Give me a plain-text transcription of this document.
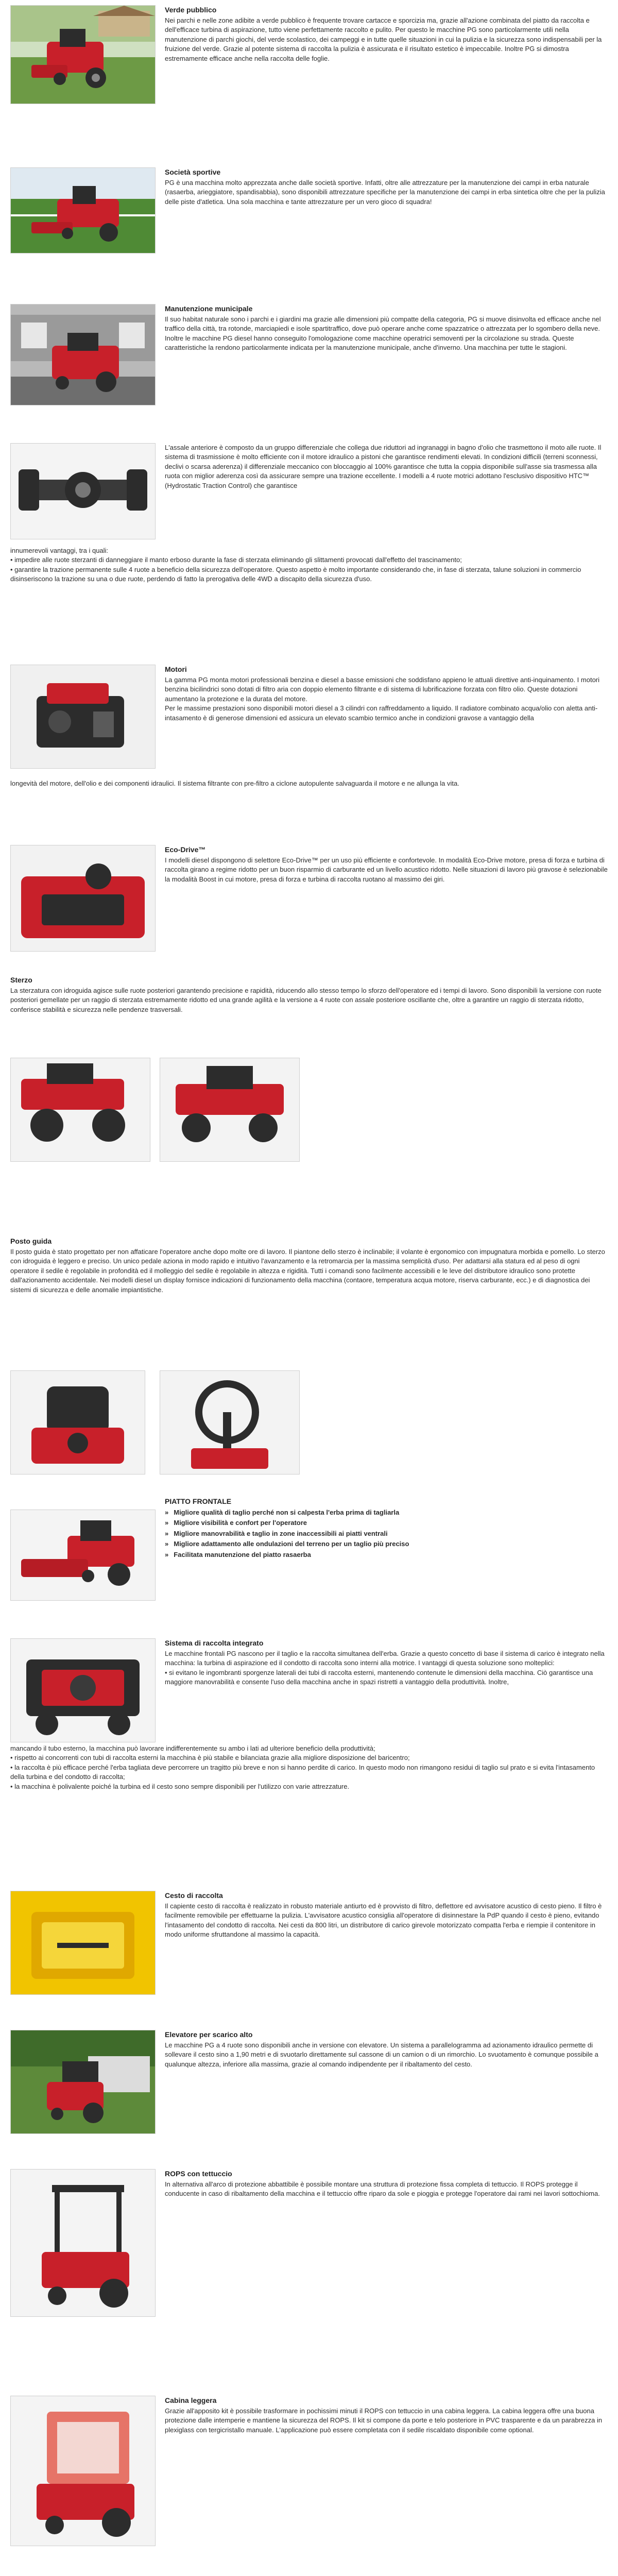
Verde pubblico

Nei parchi e nelle zone adibite a verde pubblico è frequente trovare cartacce e sporcizia ma, grazie all'azione combinata del piatto da raccolta e dell'efficace turbina di aspirazione, tutto viene perfettamente raccolto e pulito. Per questo le macchine PG sono particolarmente utili nella manutenzione di parchi giochi, del verde scolastico, dei campeggi e in tutte quelle situazioni in cui la pulizia e la sicurezza sono indispensabili per la fruizione del verde. Grazie al potente sistema di raccolta la pulizia è assicurata e il risultato estetico è impeccabile. Inoltre PG si dimostra estremamente efficace anche nella raccolta delle foglie.

Società sportive

PG è una macchina molto apprezzata anche dalle società sportive. Infatti, oltre alle attrezzature per la manutenzione dei campi in erba naturale (rasaerba, arieggiatore, spandisabbia), sono disponibili attrezzature specifiche per la manutenzione dei campi in erba sintetica oltre che per la pulizia delle piste d'atletica. Una sola macchina e tante attrezzature per un vero gioco di squadra!

Manutenzione municipale

Il suo habitat naturale sono i parchi e i giardini ma grazie alle dimensioni più compatte della categoria, PG si muove disinvolta ed efficace anche nel traffico della città, tra rotonde, marciapiedi e isole spartitraffico, dove può operare anche come spazzatrice o attrezzata per lo sgombero della neve. Inoltre le macchine PG diesel hanno conseguito l'omologazione come macchine operatrici semoventi per la circolazione su strada. Queste caratteristiche la rendono particolarmente indicata per la manutenzione municipale, anche d'inverno. Una macchina per tutte le stagioni.

L'assale anteriore è composto da un gruppo differenziale che collega due riduttori ad ingranaggi in bagno d'olio che trasmettono il moto alle ruote. Il sistema di trasmissione è molto efficiente con il motore idraulico a pistoni che garantisce rendimenti elevati. In condizioni difficili (terreni sconnessi, declivi o scarsa aderenza) il differenziale meccanico con bloccaggio al 100% garantisce che tutta la coppia disponibile sull'asse sia trasmessa alla ruota con miglior aderenza così da assicurare sempre una trazione eccellente. I modelli a 4 ruote motrici adottano l'esclusivo dispositivo HTC™ (Hydrostatic Traction Control) che garantisce

innumerevoli vantaggi, tra i quali:
• impedire alle ruote sterzanti di danneggiare il manto erboso durante la fase di sterzata eliminando gli slittamenti provocati dall'effetto del trascinamento;
• garantire la trazione permanente sulle 4 ruote a beneficio della sicurezza dell'operatore. Questo aspetto è molto importante considerando che, in fase di sterzata, talune soluzioni in commercio disinseriscono la trazione su una o due ruote, perdendo di fatto la prerogativa delle 4WD a discapito della sicurezza d'uso.
Motori

La gamma PG monta motori professionali benzina e diesel a basse emissioni che soddisfano appieno le attuali direttive anti-inquinamento. I motori benzina bicilindrici sono dotati di filtro aria con doppio elemento filtrante e di sistema di lubrificazione forzata con filtro olio. Queste dotazioni aumentano la protezione e la durata del motore.
Per le massime prestazioni sono disponibili motori diesel a 3 cilindri con raffreddamento a liquido. Il radiatore combinato acqua/olio con aletta anti-intasamento è di generose dimensioni ed assicura un elevato scambio termico anche in condizioni gravose a vantaggio della

longevità del motore, dell'olio e dei componenti idraulici. Il sistema filtrante con pre-filtro a ciclone autopulente salvaguarda il motore e ne allunga la vita.
Eco-Drive™

I modelli diesel dispongono di selettore Eco-Drive™ per un uso più efficiente e confortevole. In modalità Eco-Drive motore, presa di forza e turbina di raccolta girano a regime ridotto per un buon risparmio di carburante ed un livello acustico ridotto. Nelle situazioni di lavoro più gravose è selezionabile la modalità Boost in cui motore, presa di forza e turbina di raccolta ruotano al massimo dei giri.

Sterzo

La sterzatura con idroguida agisce sulle ruote posteriori garantendo precisione e rapidità, riducendo allo stesso tempo lo sforzo dell'operatore ed i tempi di lavoro. Sono disponibili la versione con ruote posteriori gemellate per un raggio di sterzata estremamente ridotto ed una grande agilità e la versione a 4 ruote con assale posteriore oscillante che, oltre a garantire un raggio di sterzata ridotto, conferisce stabilità e sicurezza nelle pendenze trasversali.

Posto guida

Il posto guida è stato progettato per non affaticare l'operatore anche dopo molte ore di lavoro. Il piantone dello sterzo è inclinabile; il volante è ergonomico con impugnatura morbida e pomello. Lo sterzo con idroguida è leggero e preciso. Un unico pedale aziona in modo rapido e intuitivo l'avanzamento e la retromarcia per la massima semplicità d'uso. Per adattarsi alla statura ed al peso di ogni operatore il sedile è regolabile in profondità ed il molleggio del sedile è regolabile in altezza e rigidità. Tutti i comandi sono facilmente accessibili e le leve del distributore idraulico sono protette dall'azionamento accidentale. Nei modelli diesel un display fornisce indicazioni di funzionamento della macchina (contaore, temperatura acqua motore, riserva carburante, ecc.) e di diagnostica dei sistemi di sicurezza e delle anomalie impiantistiche.

PIATTO FRONTALE
» Migliore qualità di taglio perché non si calpesta l'erba prima di tagliarla
» Migliore visibilità e confort per l'operatore
» Migliore manovrabilità e taglio in zone inaccessibili ai piatti ventrali
» Migliore adattamento alle ondulazioni del terreno per un taglio più preciso
» Facilitata manutenzione del piatto rasaerba
Sistema di raccolta integrato

Le macchine frontali PG nascono per il taglio e la raccolta simultanea dell'erba. Grazie a questo concetto di base il sistema di carico è integrato nella macchina: la turbina di aspirazione ed il condotto di raccolta sono interni alla motrice. I vantaggi di questa soluzione sono molteplici:
• si evitano le ingombranti sporgenze laterali dei tubi di raccolta esterni, mantenendo contenute le dimensioni della macchina. Ciò garantisce una maggiore manovrabilità e consente l'uso della macchina anche in spazi ristretti a vantaggio della produttività. Inoltre,

mancando il tubo esterno, la macchina può lavorare indifferentemente su ambo i lati ad ulteriore beneficio della produttività;
• rispetto ai concorrenti con tubi di raccolta esterni la macchina è più stabile e bilanciata grazie alla migliore disposizione del baricentro;
• la raccolta è più efficace perché l'erba tagliata deve percorrere un tragitto più breve e non si hanno perdite di carico. In questo modo non rimangono residui di taglio sul prato e si evita l'intasamento della turbina e del condotto di raccolta;
• la macchina è polivalente poiché la turbina ed il cesto sono sempre disponibili per l'utilizzo con varie attrezzature.
Cesto di raccolta

Il capiente cesto di raccolta è realizzato in robusto materiale antiurto ed è provvisto di filtro, deflettore ed avvisatore acustico di cesto pieno. Il filtro è facilmente removibile per effettuarne la pulizia. L'avvisatore acustico consiglia all'operatore di disinnestare la PdP quando il cesto è pieno, evitando l'intasamento del condotto di raccolta. Nei cesti da 800 litri, un distributore di carico girevole motorizzato compatta l'erba e riempie il contenitore in modo uniforme sfruttandone al massimo la capacità.

Elevatore per scarico alto

Le macchine PG a 4 ruote sono disponibili anche in versione con elevatore. Un sistema a parallelogramma ad azionamento idraulico permette di sollevare il cesto sino a 1,90 metri e di svuotarlo direttamente sul cassone di un camion o di un rimorchio. Lo svuotamento è comunque possibile a qualunque altezza, inferiore alla massima, grazie al comando indipendente per il ribaltamento del cesto.

ROPS con tettuccio

In alternativa all'arco di protezione abbattibile è possibile montare una struttura di protezione fissa completa di tettuccio. Il ROPS protegge il conducente in caso di ribaltamento della macchina e il tettuccio offre riparo da sole e pioggia e protegge l'operatore dai rami nei lavori sottochioma.

Cabina leggera

Grazie all'apposito kit è possibile trasformare in pochissimi minuti il ROPS con tettuccio in una cabina leggera. La cabina leggera offre una buona protezione dalle intemperie e mantiene la sicurezza del ROPS. Il kit si compone da porte e telo posteriore in PVC trasparente e da un parabrezza in plexiglass con tergicristallo manuale. L'applicazione può essere completata con il sedile riscaldato disponibile come optional.
